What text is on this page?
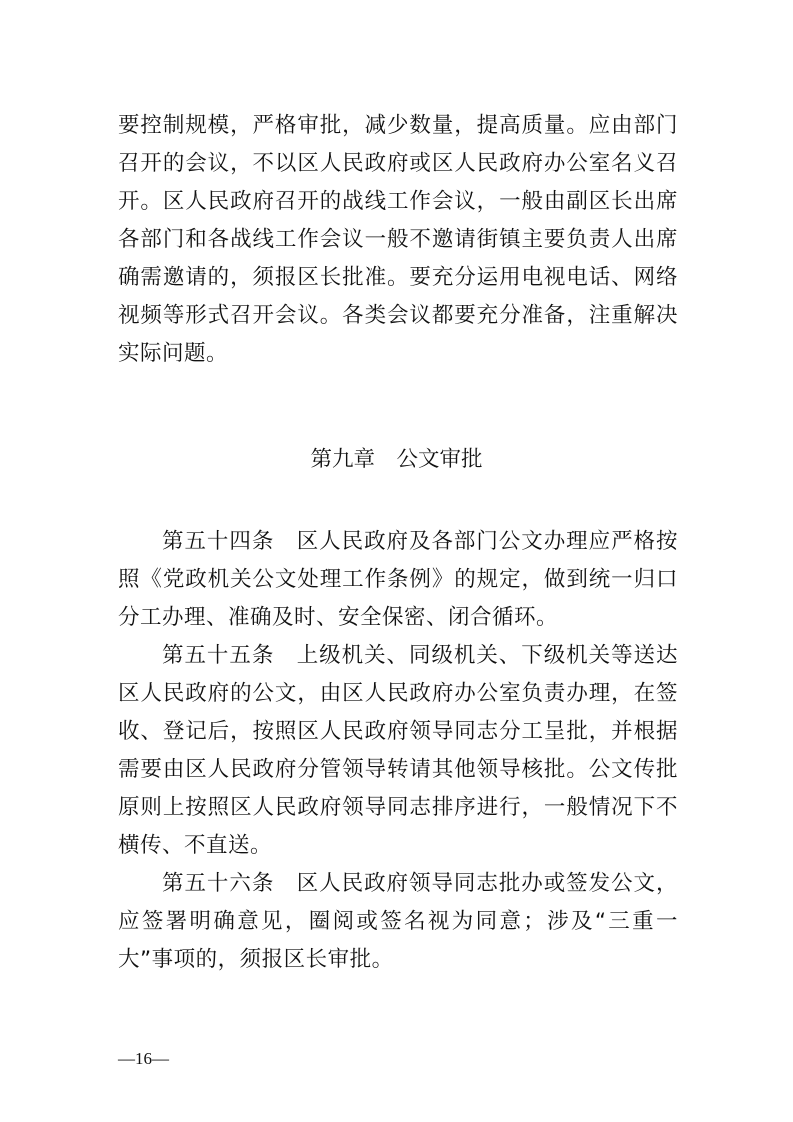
要控制规模，严格审批，减少数量，提高质量。应由部门
召开的会议，不以区人民政府或区人民政府办公室名义召
开。区人民政府召开的战线工作会议，一般由副区长出席
各部门和各战线工作会议一般不邀请街镇主要负责人出席
确需邀请的，须报区长批准。要充分运用电视电话、网络
视频等形式召开会议。各类会议都要充分准备，注重解决
实际问题。
第九章　公文审批
第五十四条　区人民政府及各部门公文办理应严格按
照《党政机关公文处理工作条例》的规定，做到统一归口
分工办理、准确及时、安全保密、闭合循环。
第五十五条　上级机关、同级机关、下级机关等送达
区人民政府的公文，由区人民政府办公室负责办理，在签
收、登记后，按照区人民政府领导同志分工呈批，并根据
需要由区人民政府分管领导转请其他领导核批。公文传批
原则上按照区人民政府领导同志排序进行，一般情况下不
横传、不直送。
第五十六条　区人民政府领导同志批办或签发公文，
应签署明确意见，圈阅或签名视为同意；涉及“三重一
大”事项的，须报区长审批。
—16—
